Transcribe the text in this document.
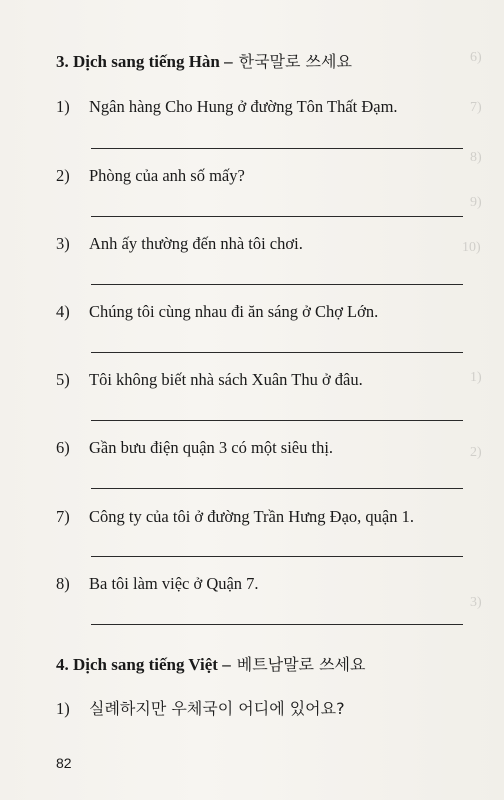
6)
7)
8)
9)
10)
1)
2)
3)
3. Dịch sang tiếng Hàn – 한국말로 쓰세요
1) Ngân hàng Cho Hung ở đường Tôn Thất Đạm.
2) Phòng của anh số mấy?
3) Anh ấy thường đến nhà tôi chơi.
4) Chúng tôi cùng nhau đi ăn sáng ở Chợ Lớn.
5) Tôi không biết nhà sách Xuân Thu ở đâu.
6) Gần bưu điện quận 3 có một siêu thị.
7) Công ty của tôi ở đường Trần Hưng Đạo, quận 1.
8) Ba tôi làm việc ở Quận 7.
4. Dịch sang tiếng Việt – 베트남말로 쓰세요
1) 실례하지만 우체국이 어디에 있어요?
82
